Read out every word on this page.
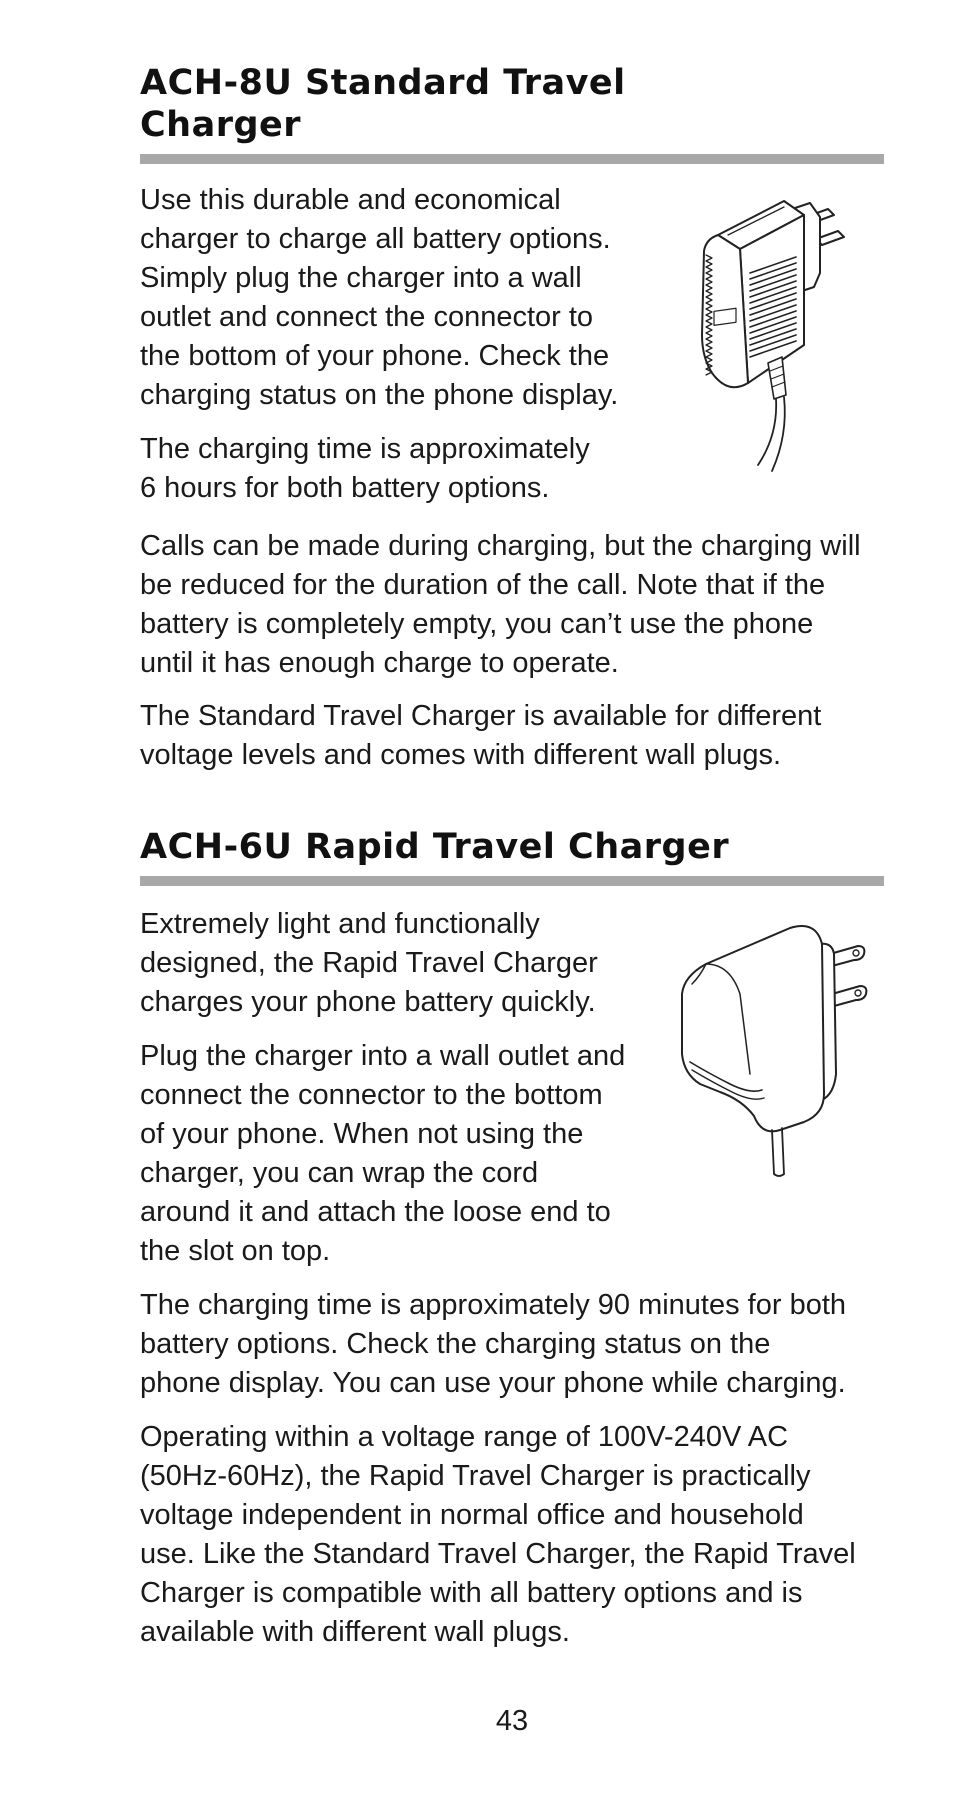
ACH-8U Standard Travel
Charger

Use this durable and economical
charger to charge all battery options.
Simply plug the charger into a wall
outlet and connect the connector to
the bottom of your phone. Check the
charging status on the phone display.

The charging time is approximately
6 hours for both battery options.

Calls can be made during charging, but the charging will
be reduced for the duration of the call. Note that if the
battery is completely empty, you can’t use the phone
until it has enough charge to operate.

The Standard Travel Charger is available for different
voltage levels and comes with different wall plugs.

ACH-6U Rapid Travel Charger

Extremely light and functionally
designed, the Rapid Travel Charger
charges your phone battery quickly.

Plug the charger into a wall outlet and
connect the connector to the bottom
of your phone. When not using the
charger, you can wrap the cord
around it and attach the loose end to
the slot on top.

The charging time is approximately 90 minutes for both
battery options. Check the charging status on the
phone display. You can use your phone while charging.

Operating within a voltage range of 100V-240V AC
(50Hz-60Hz), the Rapid Travel Charger is practically
voltage independent in normal office and household
use. Like the Standard Travel Charger, the Rapid Travel
Charger is compatible with all battery options and is
available with different wall plugs.

43
